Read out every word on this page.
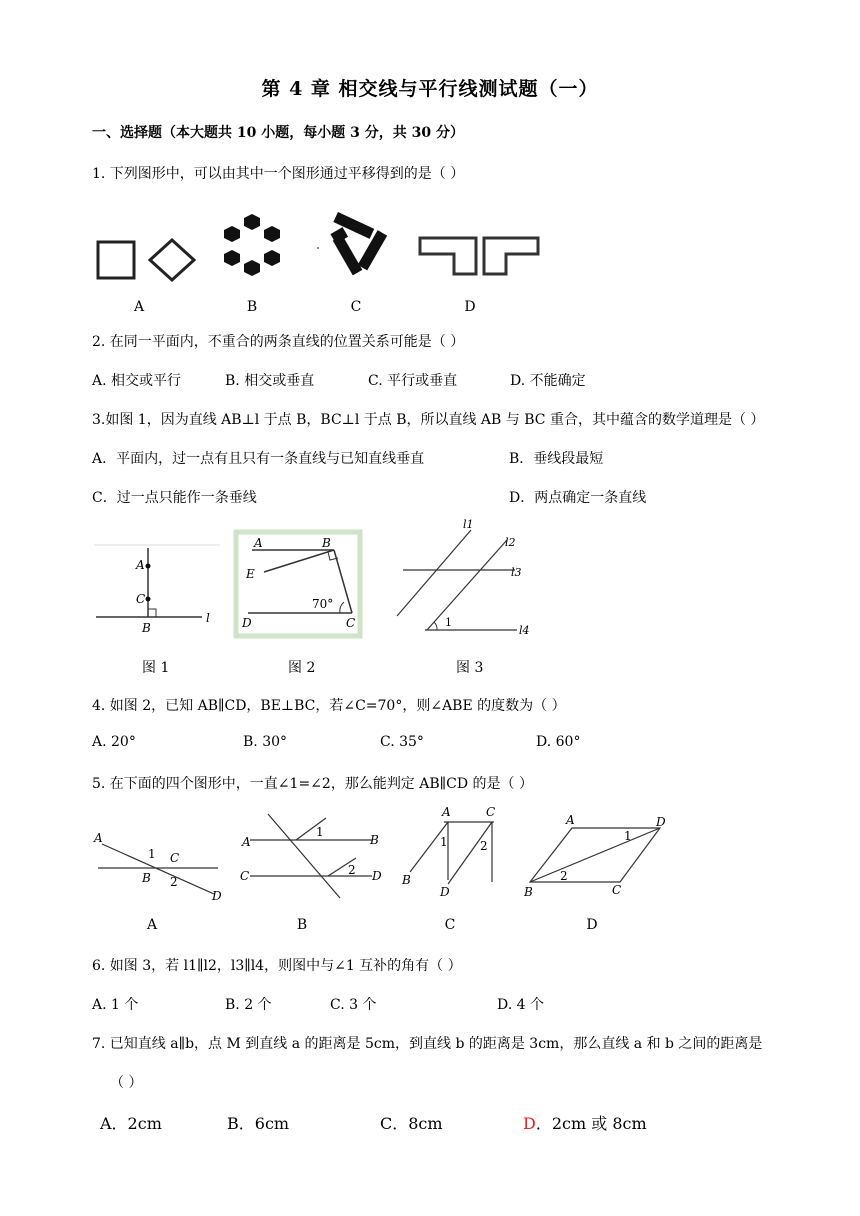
第 4 章 相交线与平行线测试题（一）
一、选择题（本大题共 10 小题，每小题 3 分，共 30 分）
1. 下列图形中，可以由其中一个图形通过平移得到的是（ ）
A	B	C	D
2. 在同一平面内，不重合的两条直线的位置关系可能是（ ）
A. 相交或平行	B. 相交或垂直	C. 平行或垂直	D. 不能确定
3.如图 1，因为直线 AB⊥l 于点 B，BC⊥l 于点 B，所以直线 AB 与 BC 重合，其中蕴含的数学道理是（ ）
A．平面内，过一点有且只有一条直线与已知直线垂直	B．垂线段最短
C．过一点只能作一条垂线	D．两点确定一条直线
A
C
B
l
A	B
E
D	C
70°
l1
l2
l3
l4
1
图 1	图 2	图 3
4. 如图 2，已知 AB∥CD，BE⊥BC，若∠C=70°，则∠ABE 的度数为（ ）
A. 20°	B. 30°	C. 35°	D. 60°
5. 在下面的四个图形中，一直∠1=∠2，那么能判定 AB∥CD 的是（ ）
A
B
C
D
1
2
A	B
C	D
1
2
A	C
B
D
1	2
A	D
B	C
1
2
A	B	C	D
6. 如图 3，若 l1∥l2，l3∥l4，则图中与∠1 互补的角有（ ）
A. 1 个	B. 2 个	C. 3 个	D. 4 个
7. 已知直线 a∥b，点 M 到直线 a 的距离是 5cm，到直线 b 的距离是 3cm，那么直线 a 和 b 之间的距离是
（ ）
A．2cm	B．6cm	C．8cm	D．2cm 或 8cm
